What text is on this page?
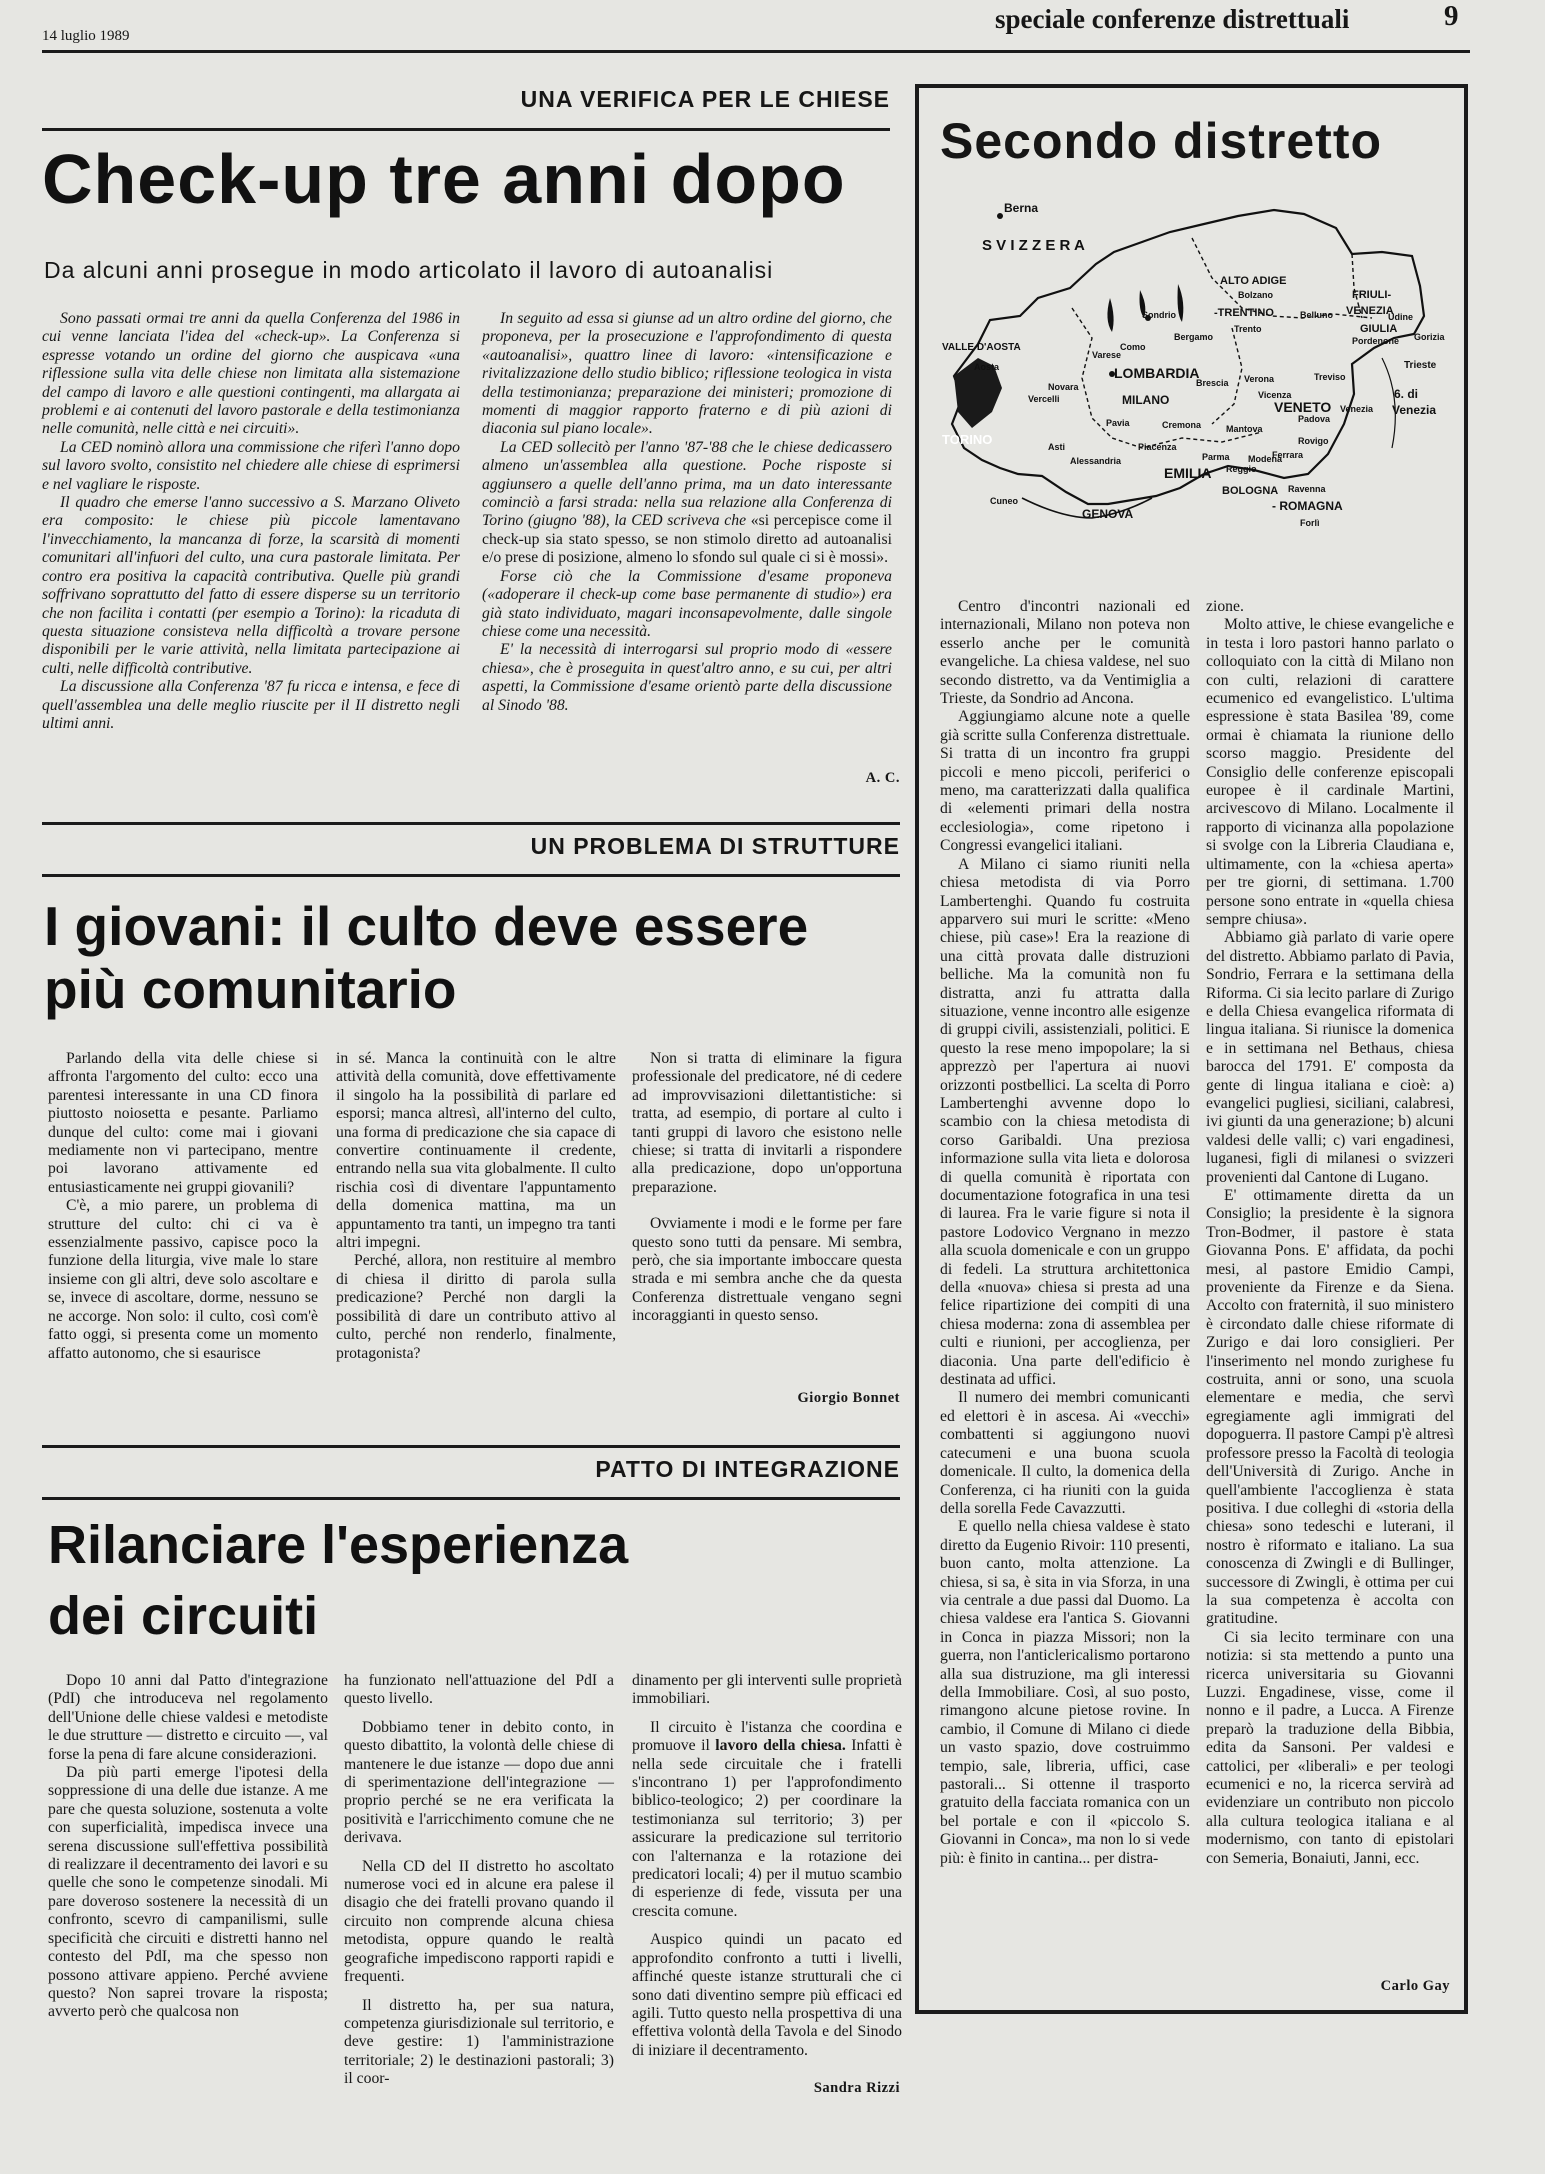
14 luglio 1989
speciale conferenze distrettuali	9
UNA VERIFICA PER LE CHIESE
Check-up tre anni dopo
Da alcuni anni prosegue in modo articolato il lavoro di autoanalisi

Sono passati ormai tre anni da quella Conferenza del 1986 in cui venne lanciata l'idea del «check-up». La Conferenza si espresse votando un ordine del giorno che auspicava «una riflessione sulla vita delle chiese non limitata alla sistemazione del campo di lavoro e alle questioni contingenti, ma allargata ai problemi e ai contenuti del lavoro pastorale e della testimonianza nelle comunità, nelle città e nei circuiti».

La CED nominò allora una commissione che riferì l'anno dopo sul lavoro svolto, consistito nel chiedere alle chiese di esprimersi e nel vagliare le risposte.

Il quadro che emerse l'anno successivo a S. Marzano Oliveto era composito: le chiese più piccole lamentavano l'invecchiamento, la mancanza di forze, la scarsità di momenti comunitari all'infuori del culto, una cura pastorale limitata. Per contro era positiva la capacità contributiva. Quelle più grandi soffrivano soprattutto del fatto di essere disperse su un territorio che non facilita i contatti (per esempio a Torino): la ricaduta di questa situazione consisteva nella difficoltà a trovare persone disponibili per le varie attività, nella limitata partecipazione ai culti, nelle difficoltà contributive.

La discussione alla Conferenza '87 fu ricca e intensa, e fece di quell'assemblea una delle meglio riuscite per il II distretto negli ultimi anni.

In seguito ad essa si giunse ad un altro ordine del giorno, che proponeva, per la prosecuzione e l'approfondimento di questa «autoanalisi», quattro linee di lavoro: «intensificazione e rivitalizzazione dello studio biblico; riflessione teologica in vista della testimonianza; preparazione dei ministeri; promozione di momenti di maggior rapporto fraterno e di più azioni di diaconia sul piano locale».

La CED sollecitò per l'anno '87-'88 che le chiese dedicassero almeno un'assemblea alla questione. Poche risposte si aggiunsero a quelle dell'anno prima, ma un dato interessante cominciò a farsi strada: nella sua relazione alla Conferenza di Torino (giugno '88), la CED scriveva che «si percepisce come il check-up sia stato spesso, se non stimolo diretto ad autoanalisi e/o prese di posizione, almeno lo sfondo sul quale ci si è mossi».

Forse ciò che la Commissione d'esame proponeva («adoperare il check-up come base permanente di studio») era già stato individuato, magari inconsapevolmente, dalle singole chiese come una necessità.

E' la necessità di interrogarsi sul proprio modo di «essere chiesa», che è proseguita in quest'altro anno, e su cui, per altri aspetti, la Commissione d'esame orientò parte della discussione al Sinodo '88.

A. C.
UN PROBLEMA DI STRUTTURE
I giovani: il culto deve essere
più comunitario

Parlando della vita delle chiese si affronta l'argomento del culto: ecco una parentesi interessante in una CD finora piuttosto noiosetta e pesante. Parliamo dunque del culto: come mai i giovani mediamente non vi partecipano, mentre poi lavorano attivamente ed entusiasticamente nei gruppi giovanili?

C'è, a mio parere, un problema di strutture del culto: chi ci va è essenzialmente passivo, capisce poco la funzione della liturgia, vive male lo stare insieme con gli altri, deve solo ascoltare e se, invece di ascoltare, dorme, nessuno se ne accorge. Non solo: il culto, così com'è fatto oggi, si presenta come un momento affatto autonomo, che si esaurisce

in sé. Manca la continuità con le altre attività della comunità, dove effettivamente il singolo ha la possibilità di parlare ed esporsi; manca altresì, all'interno del culto, una forma di predicazione che sia capace di convertire continuamente il credente, entrando nella sua vita globalmente. Il culto rischia così di diventare l'appuntamento della domenica mattina, ma un appuntamento tra tanti, un impegno tra tanti altri impegni.

Perché, allora, non restituire al membro di chiesa il diritto di parola sulla predicazione? Perché non dargli la possibilità di dare un contributo attivo al culto, perché non renderlo, finalmente, protagonista?

Non si tratta di eliminare la figura professionale del predicatore, né di cedere ad improvvisazioni dilettantistiche: si tratta, ad esempio, di portare al culto i tanti gruppi di lavoro che esistono nelle chiese; si tratta di invitarli a rispondere alla predicazione, dopo un'opportuna preparazione.

Ovviamente i modi e le forme per fare questo sono tutti da pensare. Mi sembra, però, che sia importante imboccare questa strada e mi sembra anche che da questa Conferenza distrettuale vengano segni incoraggianti in questo senso.

Giorgio Bonnet
PATTO DI INTEGRAZIONE
Rilanciare l'esperienza
dei circuiti

Dopo 10 anni dal Patto d'integrazione (PdI) che introduceva nel regolamento dell'Unione delle chiese valdesi e metodiste le due strutture — distretto e circuito —, val forse la pena di fare alcune considerazioni.

Da più parti emerge l'ipotesi della soppressione di una delle due istanze. A me pare che questa soluzione, sostenuta a volte con superficialità, impedisca invece una serena discussione sull'effettiva possibilità di realizzare il decentramento dei lavori e su quelle che sono le competenze sinodali. Mi pare doveroso sostenere la necessità di un confronto, scevro di campanilismi, sulle specificità che circuiti e distretti hanno nel contesto del PdI, ma che spesso non possono attivare appieno. Perché avviene questo? Non saprei trovare la risposta; avverto però che qualcosa non

ha funzionato nell'attuazione del PdI a questo livello.

Dobbiamo tener in debito conto, in questo dibattito, la volontà delle chiese di mantenere le due istanze — dopo due anni di sperimentazione dell'integrazione — proprio perché se ne era verificata la positività e l'arricchimento comune che ne derivava.

Nella CD del II distretto ho ascoltato numerose voci ed in alcune era palese il disagio che dei fratelli provano quando il circuito non comprende alcuna chiesa metodista, oppure quando le realtà geografiche impediscono rapporti rapidi e frequenti.

Il distretto ha, per sua natura, competenza giurisdizionale sul territorio, e deve gestire: 1) l'amministrazione territoriale; 2) le destinazioni pastorali; 3) il coor-

dinamento per gli interventi sulle proprietà immobiliari.

Il circuito è l'istanza che coordina e promuove il lavoro della chiesa. Infatti è nella sede circuitale che i fratelli s'incontrano 1) per l'approfondimento biblico-teologico; 2) per coordinare la testimonianza sul territorio; 3) per assicurare la predicazione sul territorio con l'alternanza e la rotazione dei predicatori locali; 4) per il mutuo scambio di esperienze di fede, vissuta per una crescita comune.

Auspico quindi un pacato ed approfondito confronto a tutti i livelli, affinché queste istanze strutturali che ci sono dati diventino sempre più efficaci ed agili. Tutto questo nella prospettiva di una effettiva volontà della Tavola e del Sinodo di iniziare il decentramento.

Sandra Rizzi
Secondo distretto
Berna
S V I Z Z E R A
ALTO ADIGE
Bolzano
-TRENTINO
Trento
Belluno
FRIULI-
VENEZIA
Udine
GIULIA
Pordenone Gorizia
Trieste
VALLE D'AOSTA
Aosta
Sondrio
Bergamo
Como
Varese
LOMBARDIA
Novara
Vercelli	MILANO
Brescia Verona
Vicenza
Treviso
VENETO
Padova
Venezia
Rovigo
TORINO
Pavia	Cremona	Mantova
Asti
Alessandria
Piacenza
Parma
Reggio
Modena
Ferrara
EMILIA
BOLOGNA Ravenna
- ROMAGNA
Forlì
Cuneo
GENOVA
6. di
Venezia

Centro d'incontri nazionali ed internazionali, Milano non poteva non esserlo anche per le comunità evangeliche. La chiesa valdese, nel suo secondo distretto, va da Ventimiglia a Trieste, da Sondrio ad Ancona.

Aggiungiamo alcune note a quelle già scritte sulla Conferenza distrettuale. Si tratta di un incontro fra gruppi piccoli e meno piccoli, periferici o meno, ma caratterizzati dalla qualifica di «elementi primari della nostra ecclesiologia», come ripetono i Congressi evangelici italiani.

A Milano ci siamo riuniti nella chiesa metodista di via Porro Lambertenghi. Quando fu costruita apparvero sui muri le scritte: «Meno chiese, più case»! Era la reazione di una città provata dalle distruzioni belliche. Ma la comunità non fu distratta, anzi fu attratta dalla situazione, venne incontro alle esigenze di gruppi civili, assistenziali, politici. E questo la rese meno impopolare; la si apprezzò per l'apertura ai nuovi orizzonti postbellici. La scelta di Porro Lambertenghi avvenne dopo lo scambio con la chiesa metodista di corso Garibaldi. Una preziosa informazione sulla vita lieta e dolorosa di quella comunità è riportata con documentazione fotografica in una tesi di laurea. Fra le varie figure si nota il pastore Lodovico Vergnano in mezzo alla scuola domenicale e con un gruppo di fedeli. La struttura architettonica della «nuova» chiesa si presta ad una felice ripartizione dei compiti di una chiesa moderna: zona di assemblea per culti e riunioni, per accoglienza, per diaconia. Una parte dell'edificio è destinata ad uffici.

Il numero dei membri comunicanti ed elettori è in ascesa. Ai «vecchi» combattenti si aggiungono nuovi catecumeni e una buona scuola domenicale. Il culto, la domenica della Conferenza, ci ha riuniti con la guida della sorella Fede Cavazzutti.

E quello nella chiesa valdese è stato diretto da Eugenio Rivoir: 110 presenti, buon canto, molta attenzione. La chiesa, si sa, è sita in via Sforza, in una via centrale a due passi dal Duomo. La chiesa valdese era l'antica S. Giovanni in Conca in piazza Missori; non la guerra, non l'anticlericalismo portarono alla sua distruzione, ma gli interessi della Immobiliare. Così, al suo posto, rimangono alcune pietose rovine. In cambio, il Comune di Milano ci diede un vasto spazio, dove costruimmo tempio, sale, libreria, uffici, case pastorali... Si ottenne il trasporto gratuito della facciata romanica con un bel portale e con il «piccolo S. Giovanni in Conca», ma non lo si vede più: è finito in cantina... per distra-

zione.

Molto attive, le chiese evangeliche e in testa i loro pastori hanno parlato o colloquiato con la città di Milano non con culti, relazioni di carattere ecumenico ed evangelistico. L'ultima espressione è stata Basilea '89, come ormai è chiamata la riunione dello scorso maggio. Presidente del Consiglio delle conferenze episcopali europee è il cardinale Martini, arcivescovo di Milano. Localmente il rapporto di vicinanza alla popolazione si svolge con la Libreria Claudiana e, ultimamente, con la «chiesa aperta» per tre giorni, di settimana. 1.700 persone sono entrate in «quella chiesa sempre chiusa».

Abbiamo già parlato di varie opere del distretto. Abbiamo parlato di Pavia, Sondrio, Ferrara e la settimana della Riforma. Ci sia lecito parlare di Zurigo e della Chiesa evangelica riformata di lingua italiana. Si riunisce la domenica e in settimana nel Bethaus, chiesa barocca del 1791. E' composta da gente di lingua italiana e cioè: a) evangelici pugliesi, siciliani, calabresi, ivi giunti da una generazione; b) alcuni valdesi delle valli; c) vari engadinesi, luganesi, figli di milanesi o svizzeri provenienti dal Cantone di Lugano.

E' ottimamente diretta da un Consiglio; la presidente è la signora Tron-Bodmer, il pastore è stata Giovanna Pons. E' affidata, da pochi mesi, al pastore Emidio Campi, proveniente da Firenze e da Siena. Accolto con fraternità, il suo ministero è circondato dalle chiese riformate di Zurigo e dai loro consiglieri. Per l'inserimento nel mondo zurighese fu costruita, anni or sono, una scuola elementare e media, che servì egregiamente agli immigrati del dopoguerra. Il pastore Campi p'è altresì professore presso la Facoltà di teologia dell'Università di Zurigo. Anche in quell'ambiente l'accoglienza è stata positiva. I due colleghi di «storia della chiesa» sono tedeschi e luterani, il nostro è riformato e italiano. La sua conoscenza di Zwingli e di Bullinger, successore di Zwingli, è ottima per cui la sua competenza è accolta con gratitudine.

Ci sia lecito terminare con una notizia: si sta mettendo a punto una ricerca universitaria su Giovanni Luzzi. Engadinese, visse, come il nonno e il padre, a Lucca. A Firenze preparò la traduzione della Bibbia, edita da Sansoni. Per valdesi e cattolici, per «liberali» e per teologi ecumenici e no, la ricerca servirà ad evidenziare un contributo non piccolo alla cultura teologica italiana e al modernismo, con tanto di epistolari con Semeria, Bonaiuti, Janni, ecc.

Carlo Gay
